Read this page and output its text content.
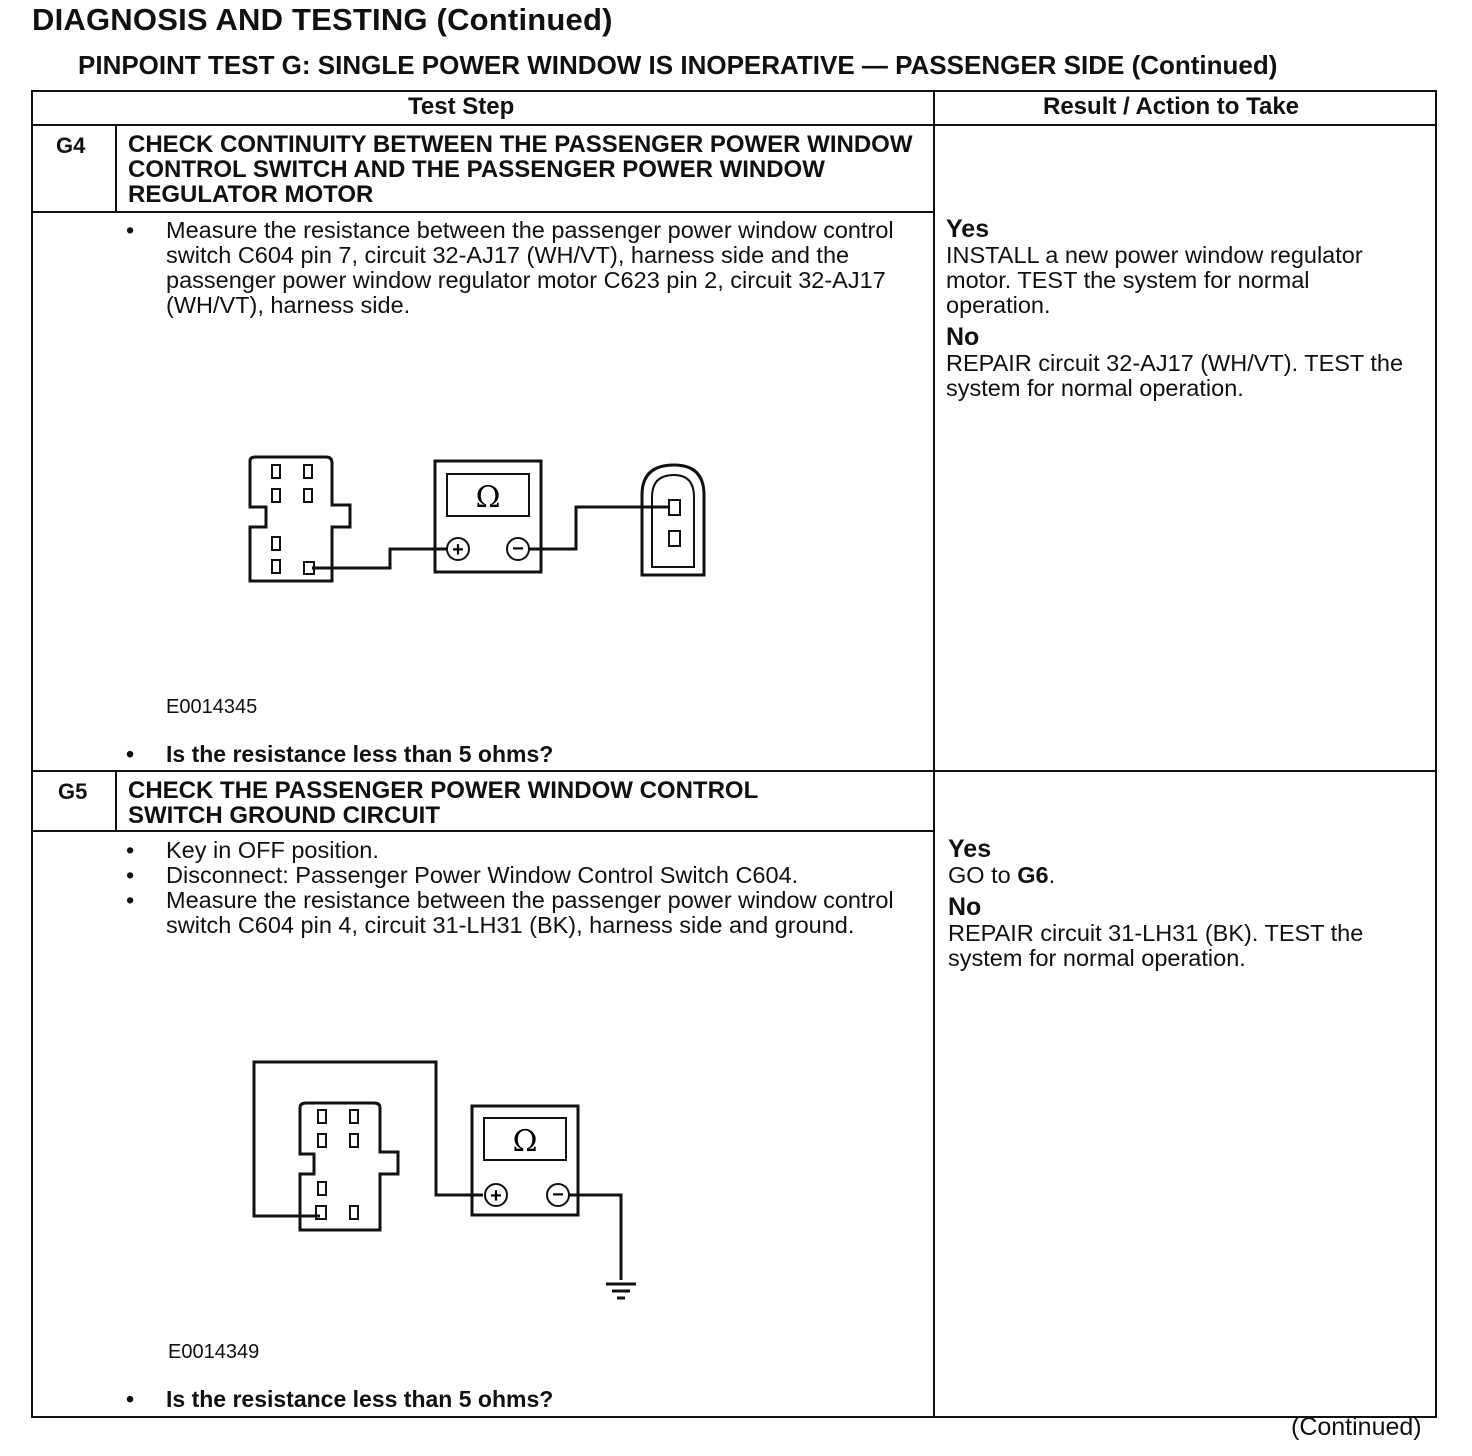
DIAGNOSIS AND TESTING (Continued)
PINPOINT TEST G: SINGLE POWER WINDOW IS INOPERATIVE — PASSENGER SIDE (Continued)
Test Step	Result / Action to Take
G4 CHECK CONTINUITY BETWEEN THE PASSENGER POWER WINDOW CONTROL SWITCH AND THE PASSENGER POWER WINDOW REGULATOR MOTOR
• Measure the resistance between the passenger power window control switch C604 pin 7, circuit 32-AJ17 (WH/VT), harness side and the passenger power window regulator motor C623 pin 2, circuit 32-AJ17 (WH/VT), harness side.
Ω
+ −
E0014345
• Is the resistance less than 5 ohms?
Yes
INSTALL a new power window regulator motor. TEST the system for normal operation.
No
REPAIR circuit 32-AJ17 (WH/VT). TEST the system for normal operation.
G5 CHECK THE PASSENGER POWER WINDOW CONTROL SWITCH GROUND CIRCUIT
• Key in OFF position.
• Disconnect: Passenger Power Window Control Switch C604.
• Measure the resistance between the passenger power window control switch C604 pin 4, circuit 31-LH31 (BK), harness side and ground.
Ω
+	−
E0014349
• Is the resistance less than 5 ohms?
Yes
GO to G6.
No
REPAIR circuit 31-LH31 (BK). TEST the system for normal operation.
(Continued)
